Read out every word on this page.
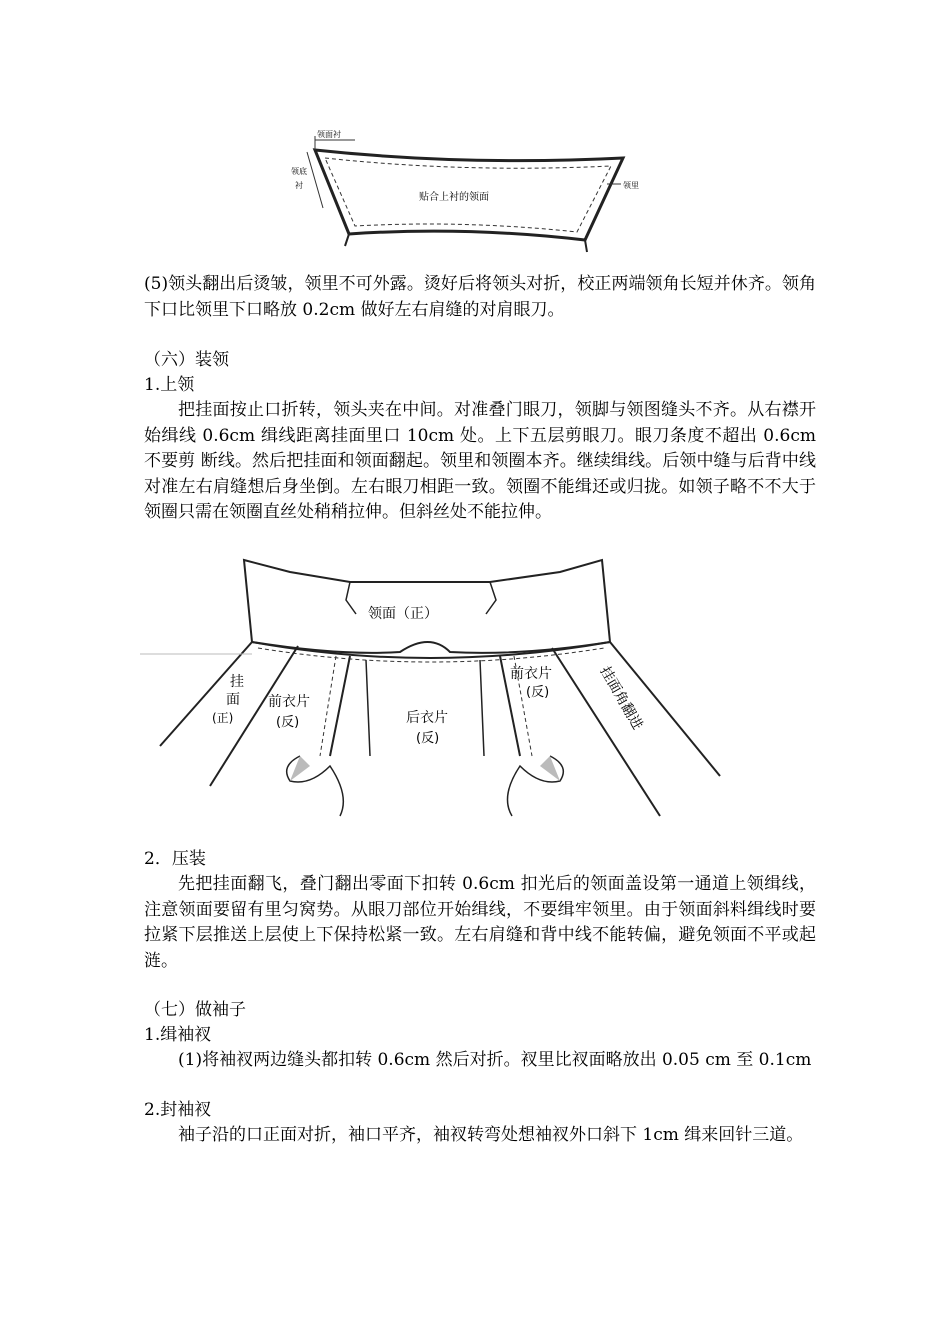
领面衬
领底
衬
贴合上衬的领面
领里
(5)领头翻出后烫皱，领里不可外露。烫好后将领头对折，校正两端领角长短并休齐。领角下口比领里下口略放 0.2cm 做好左右肩缝的对肩眼刀。
（六）装领
1.上领
把挂面按止口折转，领头夹在中间。对准叠门眼刀，领脚与领图缝头不齐。从右襟开始缉线 0.6cm 缉线距离挂面里口 10cm 处。上下五层剪眼刀。眼刀条度不超出 0.6cm 不要剪 断线。然后把挂面和领面翻起。领里和领圈本齐。继续缉线。后领中缝与后背中线对准左右肩缝想后身坐倒。左右眼刀相距一致。领圈不能缉还或归拢。如领子略不不大于领圈只需在领圈直丝处稍稍拉伸。但斜丝处不能拉伸。
领面（正）
挂
面
(正)
前衣片
(反)	后衣片
(反)
前衣片
(反)	挂面角翻进
2．压装
先把挂面翻飞，叠门翻出零面下扣转 0.6cm 扣光后的领面盖设第一通道上领缉线，注意领面要留有里匀窝势。从眼刀部位开始缉线，不要缉牢领里。由于领面斜料缉线时要拉紧下层推送上层使上下保持松紧一致。左右肩缝和背中线不能转偏，避免领面不平或起涟。
（七）做袖子
1.缉袖衩
(1)将袖衩两边缝头都扣转 0.6cm 然后对折。衩里比衩面略放出 0.05 cm 至 0.1cm
2.封袖衩
袖子沿的口正面对折，袖口平齐，袖衩转弯处想袖衩外口斜下 1cm 缉来回针三道。
